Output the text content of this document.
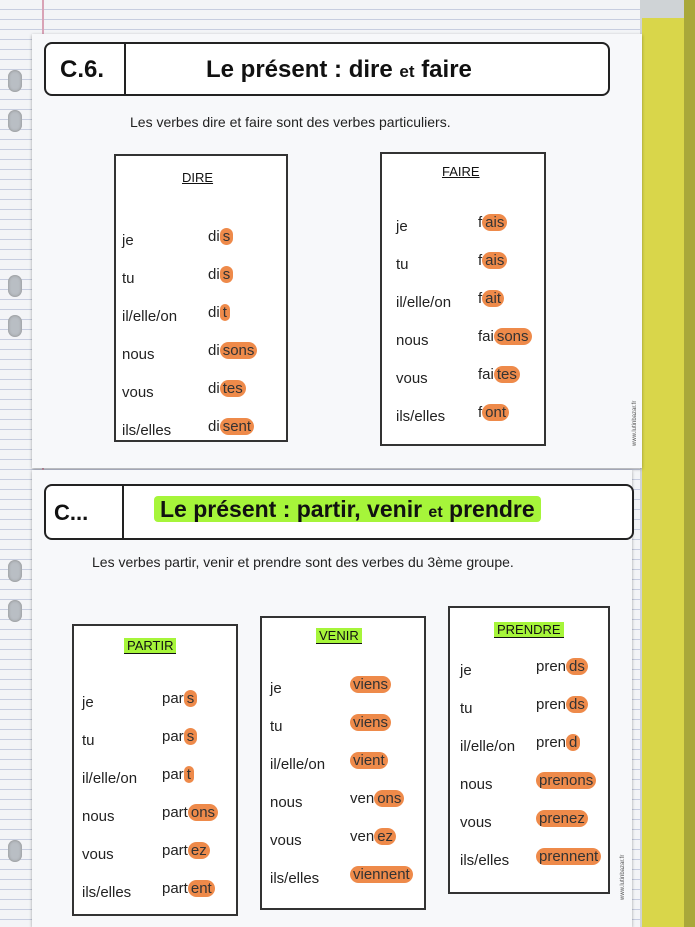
C.6.	Le présent : dire et faire
Les verbes dire et faire sont des verbes particuliers.
DIRE
je	di s
tu	di s
il/elle/on di t
nous	di sons
vous	di tes
ils/elles di sent
FAIRE
je	f ais
tu	f ais
il/elle/on f ait
nous	fai sons
vous	fai tes
ils/elles f ont	www.lutinbazar.fr
C...	Le présent : partir, venir et prendre
Les verbes partir, venir et prendre sont des verbes du 3ème groupe.
PARTIR
je	par s
tu	par s
il/elle/on par t
nous	part ons
vous	part ez
ils/elles part ent
VENIR
je	viens
tu	viens
il/elle/on vient
nous	ven ons
vous	ven ez
ils/elles viennent
PRENDRE
je	pren ds
tu	pren ds
il/elle/on pren d
nous	prenons
vous	prenez
ils/elles prennent	www.lutinbazar.fr
